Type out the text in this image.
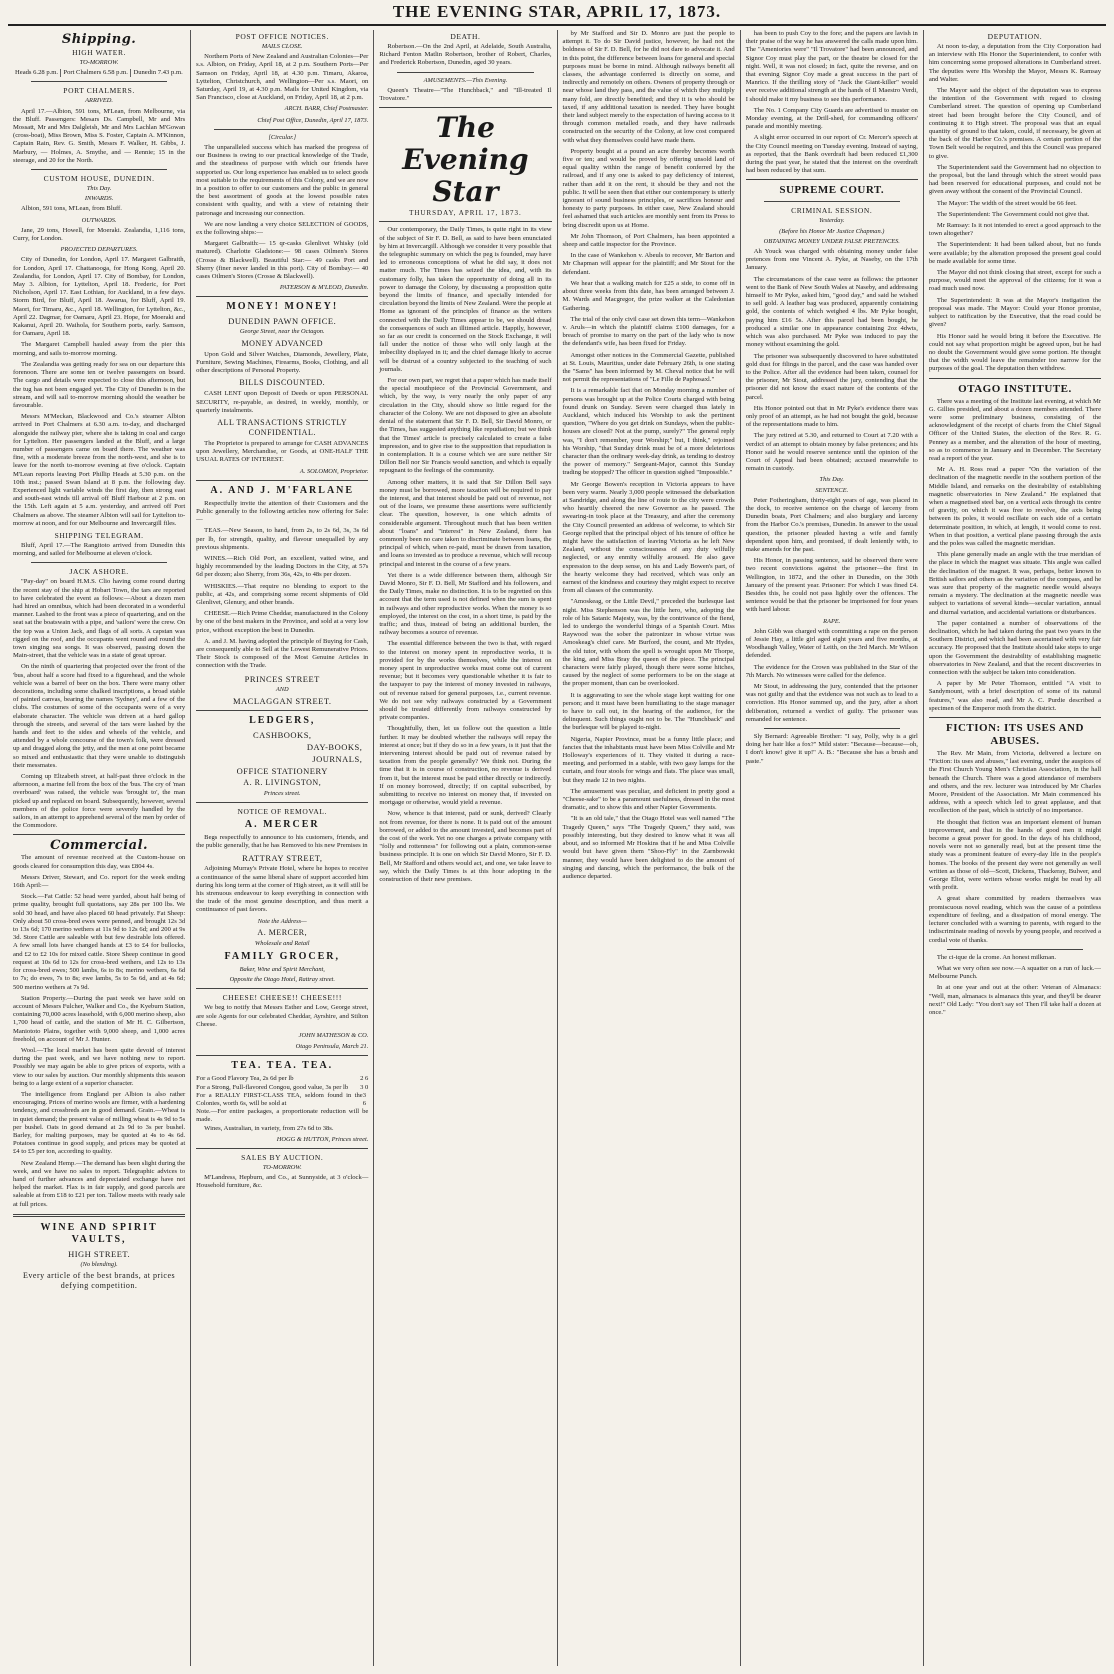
THE EVENING STAR, APRIL 17, 1873.
Shipping.
HIGH WATER.
TO-MORROW.
Heads 6.28 p.m.	Port Chalmers 6.58 p.m.	Dunedin 7.43 p.m.
PORT CHALMERS.
ARRIVED.

April 17.—Albion, 591 tons, M'Lean, from Melbourne, via the Bluff. Passengers: Mesars Ds. Campbell, Mr and Mrs Mossatt, Mr and Mrs Dalgleish, Mr and Mrs Lachlan M'Gowan (cross-boat), Miss Brown, Miss S. Foster, Captain A. M'Kinnon, Captain Rain, Rev. G. Smith, Messrs F. Walker, H. Gibbs, J. Marbury, — Holmes, A. Smythe, and — Rennie; 15 in the steerage, and 20 for the North.

CUSTOM HOUSE, DUNEDIN.
This Day.
INWARDS.

Albion, 591 tons, M'Lean, from Bluff.

OUTWARDS.

Jane, 29 tons, Howell, for Moeraki. Zealandia, 1,116 tons, Curry, for London.

PROJECTED DEPARTURES.

City of Dunedin, for London, April 17. Margaret Galbraith, for London, April 17. Chattanooga, for Hong Kong, April 20. Zealandia, for London, April 17. City of Bombay, for London, May 3. Albion, for Lyttelton, April 18. Frederic, for Port Nicholson, April 17. East Lothian, for Auckland, in a few days. Storm Bird, for Bluff, April 18. Awarua, for Bluff, April 19. Maori, for Timaru, &c., April 18. Wellington, for Lyttelton, &c., April 22. Dagmar, for Oamaru, April 23. Hope, for Moeraki and Kakanui, April 20. Waihola, for Southern ports, early. Samson, for Oamaru, April 18.

The Margaret Campbell hauled away from the pier this morning, and sails to-morrow morning.

The Zealandia was getting ready for sea on our departure this forenoon. There are some ten or twelve passengers on board. The cargo and details were expected to close this afternoon, but the tug has not been engaged yet. The City of Dunedin is in the stream, and will sail to-morrow morning should the weather be favourable.

Messrs M'Meckan, Blackwood and Co.'s steamer Albion arrived in Port Chalmers at 6.30 a.m. to-day, and discharged alongside the railway pier, where she is taking in coal and cargo for Lyttelton. Her passengers landed at the Bluff, and a large number of passengers came on board there. The weather was fine, with a moderate breeze from the north-west, and she is to leave for the north to-morrow evening at five o'clock. Captain M'Lean reports leaving Port Phillip Heads at 5.30 p.m. on the 10th inst.; passed Swan Island at 8 p.m. the following day. Experienced light variable winds the first day, then strong east and south-east winds till arrival off Bluff Harbour at 2 p.m. on the 15th. Left again at 5 a.m. yesterday, and arrived off Port Chalmers as above. The steamer Albion will sail for Lyttelton to-morrow at noon, and for our Melbourne and Invercargill files.

SHIPPING TELEGRAM.

Bluff, April 17.—The Rangitoto arrived from Dunedin this morning, and sailed for Melbourne at eleven o'clock.

JACK ASHORE.

"Pay-day" on board H.M.S. Clio having come round during the recent stay of the ship at Hobart Town, the tars are reported to have celebrated the event as follows:—About a dozen men had hired an omnibus, which had been decorated in a wonderful manner. Lashed to the front was a piece of quartering, and on the seat sat the boatswain with a pipe, and 'sailors' were the crew. On the top was a Union Jack, and flags of all sorts. A capstan was rigged on the roof, and the occupants went round and round the town singing sea songs. It was observed, passing down the Main-street, that the vehicle was in a state of great uproar.

On the ninth of quartering that projected over the front of the 'bus, about half a score had fixed to a figurehead, and the whole vehicle was a barrel of beer on the box. There were many other decorations, including some chalked inscriptions, a broad stable of painted canvas, bearing the names 'Sydney', and a few of the clubs. The costumes of some of the occupants were of a very elaborate character. The vehicle was driven at a hard gallop through the streets, and several of the tars were lashed by the hands and feet to the sides and wheels of the vehicle, and attended by a whole concourse of the town's folk, were dressed up and dragged along the jetty, and the men at one point became so mixed and enthusiastic that they were unable to distinguish their messmates.

Coming up Elizabeth street, at half-past three o'clock in the afternoon, a marine fell from the box of the 'bus. The cry of 'man overboard' was raised, the vehicle was 'brought to', the man picked up and replaced on board. Subsequently, however, several members of the police force were severely handled by the sailors, in an attempt to apprehend several of the men by order of the Commodore.

Commercial.

The amount of revenue received at the Custom-house on goods cleared for consumption this day, was £804 4s.

Messrs Driver, Stewart, and Co. report for the week ending 16th April:—

Stock.—Fat Cattle: 52 head were yarded, about half being of prime quality, brought full quotations, say 28s per 100 lbs. We sold 30 head, and have also placed 60 head privately. Fat Sheep: Only about 50 cross-bred ewes were penned, and brought 12s 3d to 13s 6d; 170 merino wethers at 11s 9d to 12s 6d; and 200 at 9s 3d. Store Cattle are saleable with but few desirable lots offered. A few small lots have changed hands at £3 to £4 for bullocks, and £2 to £2 10s for mixed cattle. Store Sheep continue in good request at 10s 6d to 12s for cross-bred wethers, and 12s to 13s for cross-bred ewes; 500 lambs, 6s to 8s; merino wethers, 6s 6d to 7s; do ewes, 7s to 8s; ewe lambs, 5s to 5s 6d, and at 4s 6d; 500 merino wethers at 7s 9d.

Station Property.—During the past week we have sold on account of Messrs Fulcher, Walker and Co., the Kyeburn Station, containing 70,000 acres leasehold, with 6,000 merino sheep, also 1,700 head of cattle, and the station of Mr H. C. Gilbertson, Maniototo Plains, together with 9,000 sheep, and 1,000 acres freehold, on account of Mr J. Hunter.

Wool.—The local market has been quite devoid of interest during the past week, and we have nothing new to report. Possibly we may again be able to give prices of exports, with a view to our sales by auction. Our monthly shipments this season being to a large extent of a superior character.

The intelligence from England per Albion is also rather encouraging. Prices of merino wools are firmer, with a hardening tendency, and crossbreds are in good demand. Grain.—Wheat is in quiet demand; the present value of milling wheat is 4s 9d to 5s per bushel. Oats in good demand at 2s 9d to 3s per bushel. Barley, for malting purposes, may be quoted at 4s to 4s 6d. Potatoes continue in good supply, and prices may be quoted at £4 to £5 per ton, according to quality.

New Zealand Hemp.—The demand has been slight during the week, and we have no sales to report. Telegraphic advices to hand of further advances and depreciated exchange have not helped the market. Flax is in fair supply, and good parcels are saleable at from £18 to £21 per ton. Tallow meets with ready sale at full prices.

WINE AND SPIRIT VAULTS,
HIGH STREET.
(No blending).
Every article of the best brands, at prices defying competition.
POST OFFICE NOTICES.
MAILS CLOSE.

Northern Ports of New Zealand and Australian Colonies—Per s.s. Albion, on Friday, April 18, at 2 p.m. Southern Ports—Per Samson on Friday, April 18, at 4.30 p.m. Timaru, Akaroa, Lyttelton, Christchurch, and Wellington—Per s.s. Maori, on Saturday, April 19, at 4.30 p.m. Mails for United Kingdom, via San Francisco, close at Auckland, on Friday, April 18, at 2 p.m.

ARCH. BARR, Chief Postmaster.
Chief Post Office, Dunedin, April 17, 1873.
[Circular.]

The unparalleled success which has marked the progress of our Business is owing to our practical knowledge of the Trade, and the steadiness of purpose with which our friends have supported us. Our long experience has enabled us to select goods most suitable to the requirements of this Colony, and we are now in a position to offer to our customers and the public in general the best assortment of goods at the lowest possible rates consistent with quality, and with a view of retaining their patronage and increasing our connection.

We are now landing a very choice SELECTION of GOODS, ex the following ships:—

Margaret Galbraith:— 15 qr-casks Glenlivet Whisky (old matured). Charlotte Gladstone:— 98 cases Oilmen's Stores (Crosse & Blackwell). Beautiful Star:— 49 casks Port and Sherry (finer never landed in this port). City of Bombay:— 40 cases Oilmen's Stores (Crosse & Blackwell).

PATERSON & M'LEOD, Dunedin.
MONEY! MONEY!
DUNEDIN PAWN OFFICE.
George Street, near the Octagon.
MONEY ADVANCED

Upon Gold and Silver Watches, Diamonds, Jewellery, Plate, Furniture, Sewing Machines, Firearms, Books, Clothing, and all other descriptions of Personal Property.

BILLS DISCOUNTED.

CASH LENT upon Deposit of Deeds or upon PERSONAL SECURITY, re-payable, as desired, in weekly, monthly, or quarterly instalments.

ALL TRANSACTIONS STRICTLY CONFIDENTIAL.

The Proprietor is prepared to arrange for CASH ADVANCES upon Jewellery, Merchandise, or Goods, at ONE-HALF THE USUAL RATES OF INTEREST.

A. SOLOMON, Proprietor.
A. AND J. M'FARLANE

Respectfully invite the attention of their Customers and the Public generally to the following articles now offering for Sale:—

TEAS.—New Season, to hand, from 2s, to 2s 6d, 3s, 3s 6d per lb, for strength, quality, and flavour unequalled by any previous shipments.

WINES.—Rich Old Port, an excellent, vatted wine, and highly recommended by the leading Doctors in the City, at 57s 6d per dozen; also Sherry, from 36s, 42s, to 48s per dozen.

WHISKIES.—That require no blending to export to the public, at 42s, and comprising some recent shipments of Old Glenlivet, Glenury, and other brands.

CHEESE.—Rich Prime Cheddar, manufactured in the Colony by one of the best makers in the Province, and sold at a very low price, without exception the best in Dunedin.

A. and J. M. having adopted the principle of Buying for Cash, are consequently able to Sell at the Lowest Remunerative Prices. Their Stock is composed of the Most Genuine Articles in connection with the Trade.

PRINCES STREET
AND
MACLAGGAN STREET.
LEDGERS,
CASHBOOKS,
DAY-BOOKS,
JOURNALS,
OFFICE STATIONERY
A. R. LIVINGSTON,
Princes street.
NOTICE OF REMOVAL.
A. MERCER

Begs respectfully to announce to his customers, friends, and the public generally, that he has Removed to his new Premises in

RATTRAY STREET,

Adjoining Murray's Private Hotel, where he hopes to receive a continuance of the same liberal share of support accorded him during his long term at the corner of High street, as it will still be his strenuous endeavour to keep everything in connection with the trade of the most genuine description, and thus merit a continuance of past favors.

Note the Address—
A. MERCER,
Wholesale and Retail
FAMILY GROCER,
Baker, Wine and Spirit Merchant,
Opposite the Otago Hotel, Rattray street.
CHEESE! CHEESE!! CHEESE!!!

We beg to notify that Messrs Esther and Low, George street, are sole Agents for our celebrated Cheddar, Ayrshire, and Stilton Cheese.

JOHN MATHESON & CO.
Otago Peninsula, March 21.
TEA. TEA. TEA.
For a Good Flavory Tea, 2s 6d per lb	2 6
For a Strong, Full-flavored Congou, good value, 3s per lb 3 0
For a REALLY FIRST-CLASS TEA, seldom found in the Colonies, worth 6s, will be sold at
3 6
Note.—For entire packages, a proportionate reduction will be made.

Wines, Australian, in variety, from 27s 6d to 38s.

HOGG & HUTTON, Princes street.
SALES BY AUCTION.
TO-MORROW.

M'Landress, Hepburn, and Co., at Sunnyside, at 3 o'clock—Household furniture, &c.

DEATH.

Robertson.—On the 2nd April, at Adelaide, South Australia, Richard Fenton Matlin Robertson, brother of Robert, Charles, and Frederick Robertson, Dunedin, aged 30 years.

AMUSEMENTS.—This Evening.

Queen's Theatre—"The Hunchback," and "Ill-treated Il Trovatore."

The Evening Star
THURSDAY, APRIL 17, 1873.

Our contemporary, the Daily Times, is quite right in its view of the subject of Sir F. D. Bell, as said to have been enunciated by him at Invercargill. Although we consider it very possible that the telegraphic summary on which the peg is founded, may have led to erroneous conceptions of what he did say, it does not matter much. The Times has seized the idea, and, with its customary folly, has taken the opportunity of doing all in its power to damage the Colony, by discussing a proposition quite beyond the limits of finance, and specially intended for circulation beyond the limits of New Zealand. Were the people at Home as ignorant of the principles of finance as the writers connected with the Daily Times appear to be, we should dread the consequences of such an illtimed article. Happily, however, so far as our credit is concerned on the Stock Exchange, it will fall under the notice of those who will only laugh at the imbecility displayed in it; and the chief damage likely to accrue will be distrust of a country subjected to the teaching of such journals.

For our own part, we regret that a paper which has made itself the special mouthpiece of the Provincial Government, and which, by the way, is very nearly the only paper of any circulation in the City, should show so little regard for the character of the Colony. We are not disposed to give an absolute denial of the statement that Sir F. D. Bell, Sir David Monro, or the Times, has suggested anything like repudiation; but we think that the Times' article is precisely calculated to create a false impression, and to give rise to the supposition that repudiation is in contemplation. It is a course which we are sure neither Sir Dillon Bell nor Sir Francis would sanction, and which is equally repugnant to the feelings of the community.

Among other matters, it is said that Sir Dillon Bell says money must be borrowed, more taxation will be required to pay the interest, and that interest should be paid out of revenue, not out of the loans, we presume these assertions were sufficiently clear. The question, however, is one which admits of considerable argument. Throughout much that has been written about "loans" and "interest" in New Zealand, there has commonly been no care taken to discriminate between loans, the principal of which, when re-paid, must be drawn from taxation, and loans so invested as to produce a revenue, which will recoup principal and interest in the course of a few years.

Yet there is a wide difference between them, although Sir David Monro, Sir F. D. Bell, Mr Stafford and his followers, and the Daily Times, make no distinction. It is to be regretted on this account that the term used is not defined when the sum is spent in railways and other reproductive works. When the money is so employed, the interest on the cost, in a short time, is paid by the traffic; and thus, instead of being an additional burden, the railway becomes a source of revenue.

The essential difference between the two is that, with regard to the interest on money spent in reproductive works, it is provided for by the works themselves, while the interest on money spent in unproductive works must come out of current revenue; but it becomes very questionable whether it is fair to the taxpayer to pay the interest of money invested in railways, out of revenue raised for general purposes, i.e., current revenue. We do not see why railways constructed by a Government should be treated differently from railways constructed by private companies.

Thoughtfully, then, let us follow out the question a little further. It may be doubted whether the railways will repay the interest at once; but if they do so in a few years, is it just that the intervening interest should be paid out of revenue raised by taxation from the people generally? We think not. During the time that it is in course of construction, no revenue is derived from it, but the interest must be paid either directly or indirectly. If on money borrowed, directly; if on capital subscribed, by submitting to receive no interest on money that, if invested on mortgage or otherwise, would yield a revenue.

Now, whence is that interest, paid or sunk, derived? Clearly not from revenue, for there is none. It is paid out of the amount borrowed, or added to the amount invested, and becomes part of the cost of the work. Yet no one charges a private company with "folly and rottenness" for following out a plain, common-sense business principle. It is one on which Sir David Monro, Sir F. D. Bell, Mr Stafford and others would act, and one, we take leave to say, which the Daily Times is at this hour adopting in the construction of their new premises.

by Mr Stafford and Sir D. Monro are just the people to attempt it. To do Sir David justice, however, he had not the boldness of Sir F. D. Bell, for he did not dare to advocate it. And in this point, the difference between loans for general and special purposes must be borne in mind. Although railways benefit all classes, the advantage conferred is directly on some, and indirectly and remotely on others. Owners of property through or near whose land they pass, and the value of which they multiply many fold, are directly benefited; and they it is who should be taxed, if any additional taxation is needed. They have bought their land subject merely to the expectation of having access to it through common metalled roads, and they have railroads constructed on the security of the Colony, at low cost compared with what they themselves could have made them.

Property bought at a pound an acre thereby becomes worth five or ten; and would be proved by offering unsold land of equal quality within the range of benefit conferred by the railroad, and if any one is asked to pay deficiency of interest, rather than add it on the rent, it should be they and not the public. It will be seen then that either our contemporary is utterly ignorant of sound business principles, or sacrifices honour and honesty to party purposes. In either case, New Zealand should feel ashamed that such articles are monthly sent from its Press to bring discredit upon us at Home.

Mr John Thomson, of Port Chalmers, has been appointed a sheep and cattle inspector for the Province.

In the case of Wankehon v. Abeuls to recover, Mr Barton and Mr Chapman will appear for the plaintiff; and Mr Stout for the defendant.

We hear that a walking match for £25 a side, to come off in about three weeks from this date, has been arranged between J. M. Wards and Macgregor, the prize walker at the Caledonian Gathering.

The trial of the only civil case set down this term—Wankehon v. Aruls—in which the plaintiff claims £100 damages, for a breach of promise to marry on the part of the lady who is now the defendant's wife, has been fixed for Friday.

Amongst other notices in the Commercial Gazette, published at St. Louis, Mauritius, under date February 26th, is one stating the "Sams" has been informed by M. Cheval notice that he will not permit the representations of "Le Fille de Paphosaxl."

It is a remarkable fact that on Monday morning a number of persons was brought up at the Police Courts charged with being found drunk on Sunday. Seven were charged thus lately in Auckland, which induced his Worship to ask the pertinent question, "Where do you get drink on Sundays, when the public-houses are closed? Not at the pump, surely?" The general reply was, "I don't remember, your Worship;" but, I think," rejoined his Worship, "that Sunday drink must be of a more deleterious character than the ordinary week-day drink, as tending to destroy the power of memory." Sergeant-Major, cannot this Sunday trading be stopped? The officer in question sighed "Impossible."

Mr George Bowen's reception in Victoria appears to have been very warm. Nearly 3,000 people witnessed the debarkation at Sandridge, and along the line of route to the city were crowds who heartily cheered the new Governor as he passed. The swearing-in took place at the Treasury, and after the ceremony the City Council presented an address of welcome, to which Sir George replied that the principal object of his tenure of office he might have the satisfaction of leaving Victoria as he left New Zealand, without the consciousness of any duty wilfully neglected, or any enmity wilfully aroused. He also gave expression to the deep sense, on his and Lady Bowen's part, of the hearty welcome they had received, which was only an earnest of the kindness and courtesy they might expect to receive from all classes of the community.

"Amoskeag, or the Little Devil," preceded the burlesque last night. Miss Stephenson was the little hero, who, adopting the role of his Satanic Majesty, was, by the contrivance of the fiend, led to undergo the wonderful things of a Spanish Court. Miss Raywood was the sober the patronizer in whose virtue was Amoskeag's chief care. Mr Burford, the count, and Mr Hydes, the old tutor, with whom the spell is wrought upon Mr Thorpe, the king, and Miss Bray the queen of the piece. The principal characters were fairly played, though there were some hitches, caused by the neglect of some performers to be on the stage at the proper moment, than can be overlooked.

It is aggravating to see the whole stage kept waiting for one person; and it must have been humiliating to the stage manager to have to call out, in the hearing of the audience, for the delinquent. Such things ought not to be. The "Hunchback" and the burlesque will be played to-night.

Nigeria, Napier Province, must be a funny little place; and fancies that the inhabitants must have been Miss Colville and Mr Holloway's experiences of it. They visited it during a race-meeting, and performed in a stable, with two gasy lamps for the curtain, and four stools for wings and flats. The place was small, but they made 12 in two nights.

The amusement was peculiar, and deficient in pretty good a "Cheese-sake" to be a paramount usefulness, dressed in the most dramatic, and to show this and other Napier Governments.

"It is an old tale," that the Otago Hotel was well named "The Tragedy Queen," says "The Tragedy Queen," they said, was possibly interesting, but they desired to know what it was all about, and so informed Mr Hoskins that if he and Miss Colville would but have given them "Shoo-Fly" in the Zarnbowski manner, they would have been delighted to do the amount of singing and dancing, which the performance, the bulk of the audience departed.

has been to push Coy to the fore; and the papers are lavish in their praise of the way he has answered the calls made upon him. The "Ameniories were" "Il Trovatore" had been announced, and Signor Coy must play the part, or the theatre be closed for the night. Well, it was not closed; in fact, quite the reverse, and on that evening Signor Coy made a great success in the part of Manrico. If the thrilling story of "Jack the Giant-killer" would ever receive additional strength at the hands of Il Maestro Verdi, I should make it my business to see this performance.

The No. 1 Company City Guards are advertised to muster on Monday evening, at the Drill-shed, for commanding officers' parade and monthly meeting.

A slight error occurred in our report of Cr. Mercer's speech at the City Council meeting on Tuesday evening. Instead of saying, as reported, that the Bank overdraft had been reduced £1,300 during the past year, he stated that the interest on the overdraft had been reduced by that sum.

SUPREME COURT.
CRIMINAL SESSION.
Yesterday.
(Before his Honor Mr Justice Chapman.)
OBTAINING MONEY UNDER FALSE PRETENCES.

Ah Youck was charged with obtaining money under false pretences from one Vincent A. Pyke, at Naseby, on the 17th January.

The circumstances of the case were as follows: the prisoner went to the Bank of New South Wales at Naseby, and addressing himself to Mr Pyke, asked him, "good day," and said he wished to sell gold. A leather bag was produced, apparently containing gold, the contents of which weighed 4 lbs. Mr Pyke bought, paying him £16 5s. After this parcel had been bought, he produced a similar one in appearance containing 2oz 4dwts, which was also purchased. Mr Pyke was induced to pay the money without examining the gold.

The prisoner was subsequently discovered to have substituted gold dust for filings in the parcel, and the case was handed over to the Police. After all the evidence had been taken, counsel for the prisoner, Mr Stout, addressed the jury, contending that the prisoner did not know the exact nature of the contents of the parcel.

His Honor pointed out that in Mr Pyke's evidence there was only proof of an attempt, as he had not bought the gold, because of the representations made to him.

The jury retired at 5.30, and returned to Court at 7.20 with a verdict of an attempt to obtain money by false pretences; and his Honor said he would reserve sentence until the opinion of the Court of Appeal had been obtained; accused meanwhile to remain in custody.

This Day.
SENTENCE.

Peter Fotheringham, thirty-eight years of age, was placed in the dock, to receive sentence on the charge of larceny from Dunedin boats, Port Chalmers; and also burglary and larceny from the Harbor Co.'s premises, Dunedin. In answer to the usual question, the prisoner pleaded having a wife and family dependent upon him, and promised, if dealt leniently with, to make amends for the past.

His Honor, in passing sentence, said he observed there were two recent convictions against the prisoner—the first in Wellington, in 1872, and the other in Dunedin, on the 30th January of the present year. Prisoner: For which I was fined £4. Besides this, he could not pass lightly over the offences. The sentence would be that the prisoner be imprisoned for four years with hard labour.

RAPE.

John Gibb was charged with committing a rape on the person of Jessie Hay, a little girl aged eight years and five months, at Woodhaugh Valley, Water of Leith, on the 3rd March. Mr Wilson defended.

The evidence for the Crown was published in the Star of the 7th March. No witnesses were called for the defence.

Mr Stout, in addressing the jury, contended that the prisoner was not guilty and that the evidence was not such as to lead to a conviction. His Honor summed up, and the jury, after a short deliberation, returned a verdict of guilty. The prisoner was remanded for sentence.

Sly Bernard: Agreeable Brother: "I say, Polly, why is a girl doing her hair like a fox?" Mild sister: "Because—because—oh, I don't know! give it up!" A. B.: "Because she has a brush and paste."

DEPUTATION.

At noon to-day, a deputation from the City Corporation had an interview with His Honor the Superintendent, to confer with him concerning some proposed alterations in Cumberland street. The deputies were His Worship the Mayor, Messrs K. Ramsay and Walter.

The Mayor said the object of the deputation was to express the intention of the Government with regard to closing Cumberland street. The question of opening up Cumberland street had been brought before the City Council, and of continuing it to High street. The proposal was that an equal quantity of ground to that taken, could, if necessary, be given at the back of the Harbor Co.'s premises. A certain portion of the Town Belt would be required, and this the Council was prepared to give.

The Superintendent said the Government had no objection to the proposal, but the land through which the street would pass had been reserved for educational purposes, and could not be given away without the consent of the Provincial Council.

The Mayor: The width of the street would be 66 feet.

The Superintendent: The Government could not give that.

Mr Ramsay: Is it not intended to erect a good approach to the town altogether?

The Superintendent: It had been talked about, but no funds were available; by the alteration proposed the present goal could be made available for some time.

The Mayor did not think closing that street, except for such a purpose, would meet the approval of the citizens; for it was a road much used now.

The Superintendent: It was at the Mayor's instigation the proposal was made. The Mayor: Could your Honor promise, subject to ratification by the Executive, that the road could be given?

His Honor said he would bring it before the Executive. He could not say what proportion might be agreed upon, but he had no doubt the Government would give some portion. He thought that the width would leave the remainder too narrow for the purposes of the goal. The deputation then withdrew.

OTAGO INSTITUTE.

There was a meeting of the Institute last evening, at which Mr G. Gillies presided, and about a dozen members attended. There were some preliminary business, consisting of the acknowledgment of the receipt of charts from the Chief Signal Officer of the United States, the election of the Rev. R. G. Penney as a member, and the alteration of the hour of meeting, so as to commence in January and in December. The Secretary read a report of the year.

Mr A. H. Ross read a paper "On the variation of the declination of the magnetic needle in the southern portion of the Middle Island, and remarks on the desirability of establishing magnetic observatories in New Zealand." He explained that when a magnetised steel bar, on a vertical axis through its centre of gravity, on which it was free to revolve, the axis being between its poles, it would oscillate on each side of a certain determinate position, in which, at length, it would come to rest. When in that position, a vertical plane passing through the axis and the poles was called the magnetic meridian.

This plane generally made an angle with the true meridian of the place in which the magnet was situate. This angle was called the declination of the magnet. It was, perhaps, better known to British sailors and others as the variation of the compass, and he was sure that property of the magnetic needle would always remain a mystery. The declination at the magnetic needle was subject to variations of several kinds—secular variation, annual and diurnal variation, and accidental variations or disturbances.

The paper contained a number of observations of the declination, which he had taken during the past two years in the Southern District, and which had been ascertained with very fair accuracy. He proposed that the Institute should take steps to urge upon the Government the desirability of establishing magnetic observatories in New Zealand, and that the recent discoveries in connection with the subject be taken into consideration.

A paper by Mr Peter Thomson, entitled "A visit to Sandymount, with a brief description of some of its natural features," was also read, and Mr A. C. Purdie described a specimen of the Emperor moth from the district.

FICTION: ITS USES AND ABUSES.

The Rev. Mr Main, from Victoria, delivered a lecture on "Fiction: its uses and abuses," last evening, under the auspices of the First Church Young Men's Christian Association, in the hall beneath the Church. There was a good attendance of members and others, and the rev. lecturer was introduced by Mr Charles Moore, President of the Association. Mr Main commenced his address, with a speech which led to great applause, and that recollection of the past, which is strictly of no importance.

He thought that fiction was an important element of human improvement, and that in the hands of good men it might become a great power for good. In the days of his childhood, novels were not so generally read, but at the present time the study was a prominent feature of every-day life in the people's homes. The books of the present day were not generally as well written as those of old—Scott, Dickens, Thackeray, Bulwer, and George Eliot, were writers whose works might be read by all with profit.

A great share committed by readers themselves was promiscuous novel reading, which was the cause of a pointless expenditure of feeling, and a dissipation of moral energy. The lecturer concluded with a warning to parents, with regard to the indiscriminate reading of novels by young people, and received a cordial vote of thanks.

The ci-ique de la crome. An honest milkman.

What we very often see now.—A squatter on a run of luck.—Melbourne Punch.

In at one year and out at the other: Veteran of Almanacs: "Well, man, almanacs is almanacs this year, and they'll be dearer next!" Old Lady: "You don't say so! Then I'll take half a dozen at once."
